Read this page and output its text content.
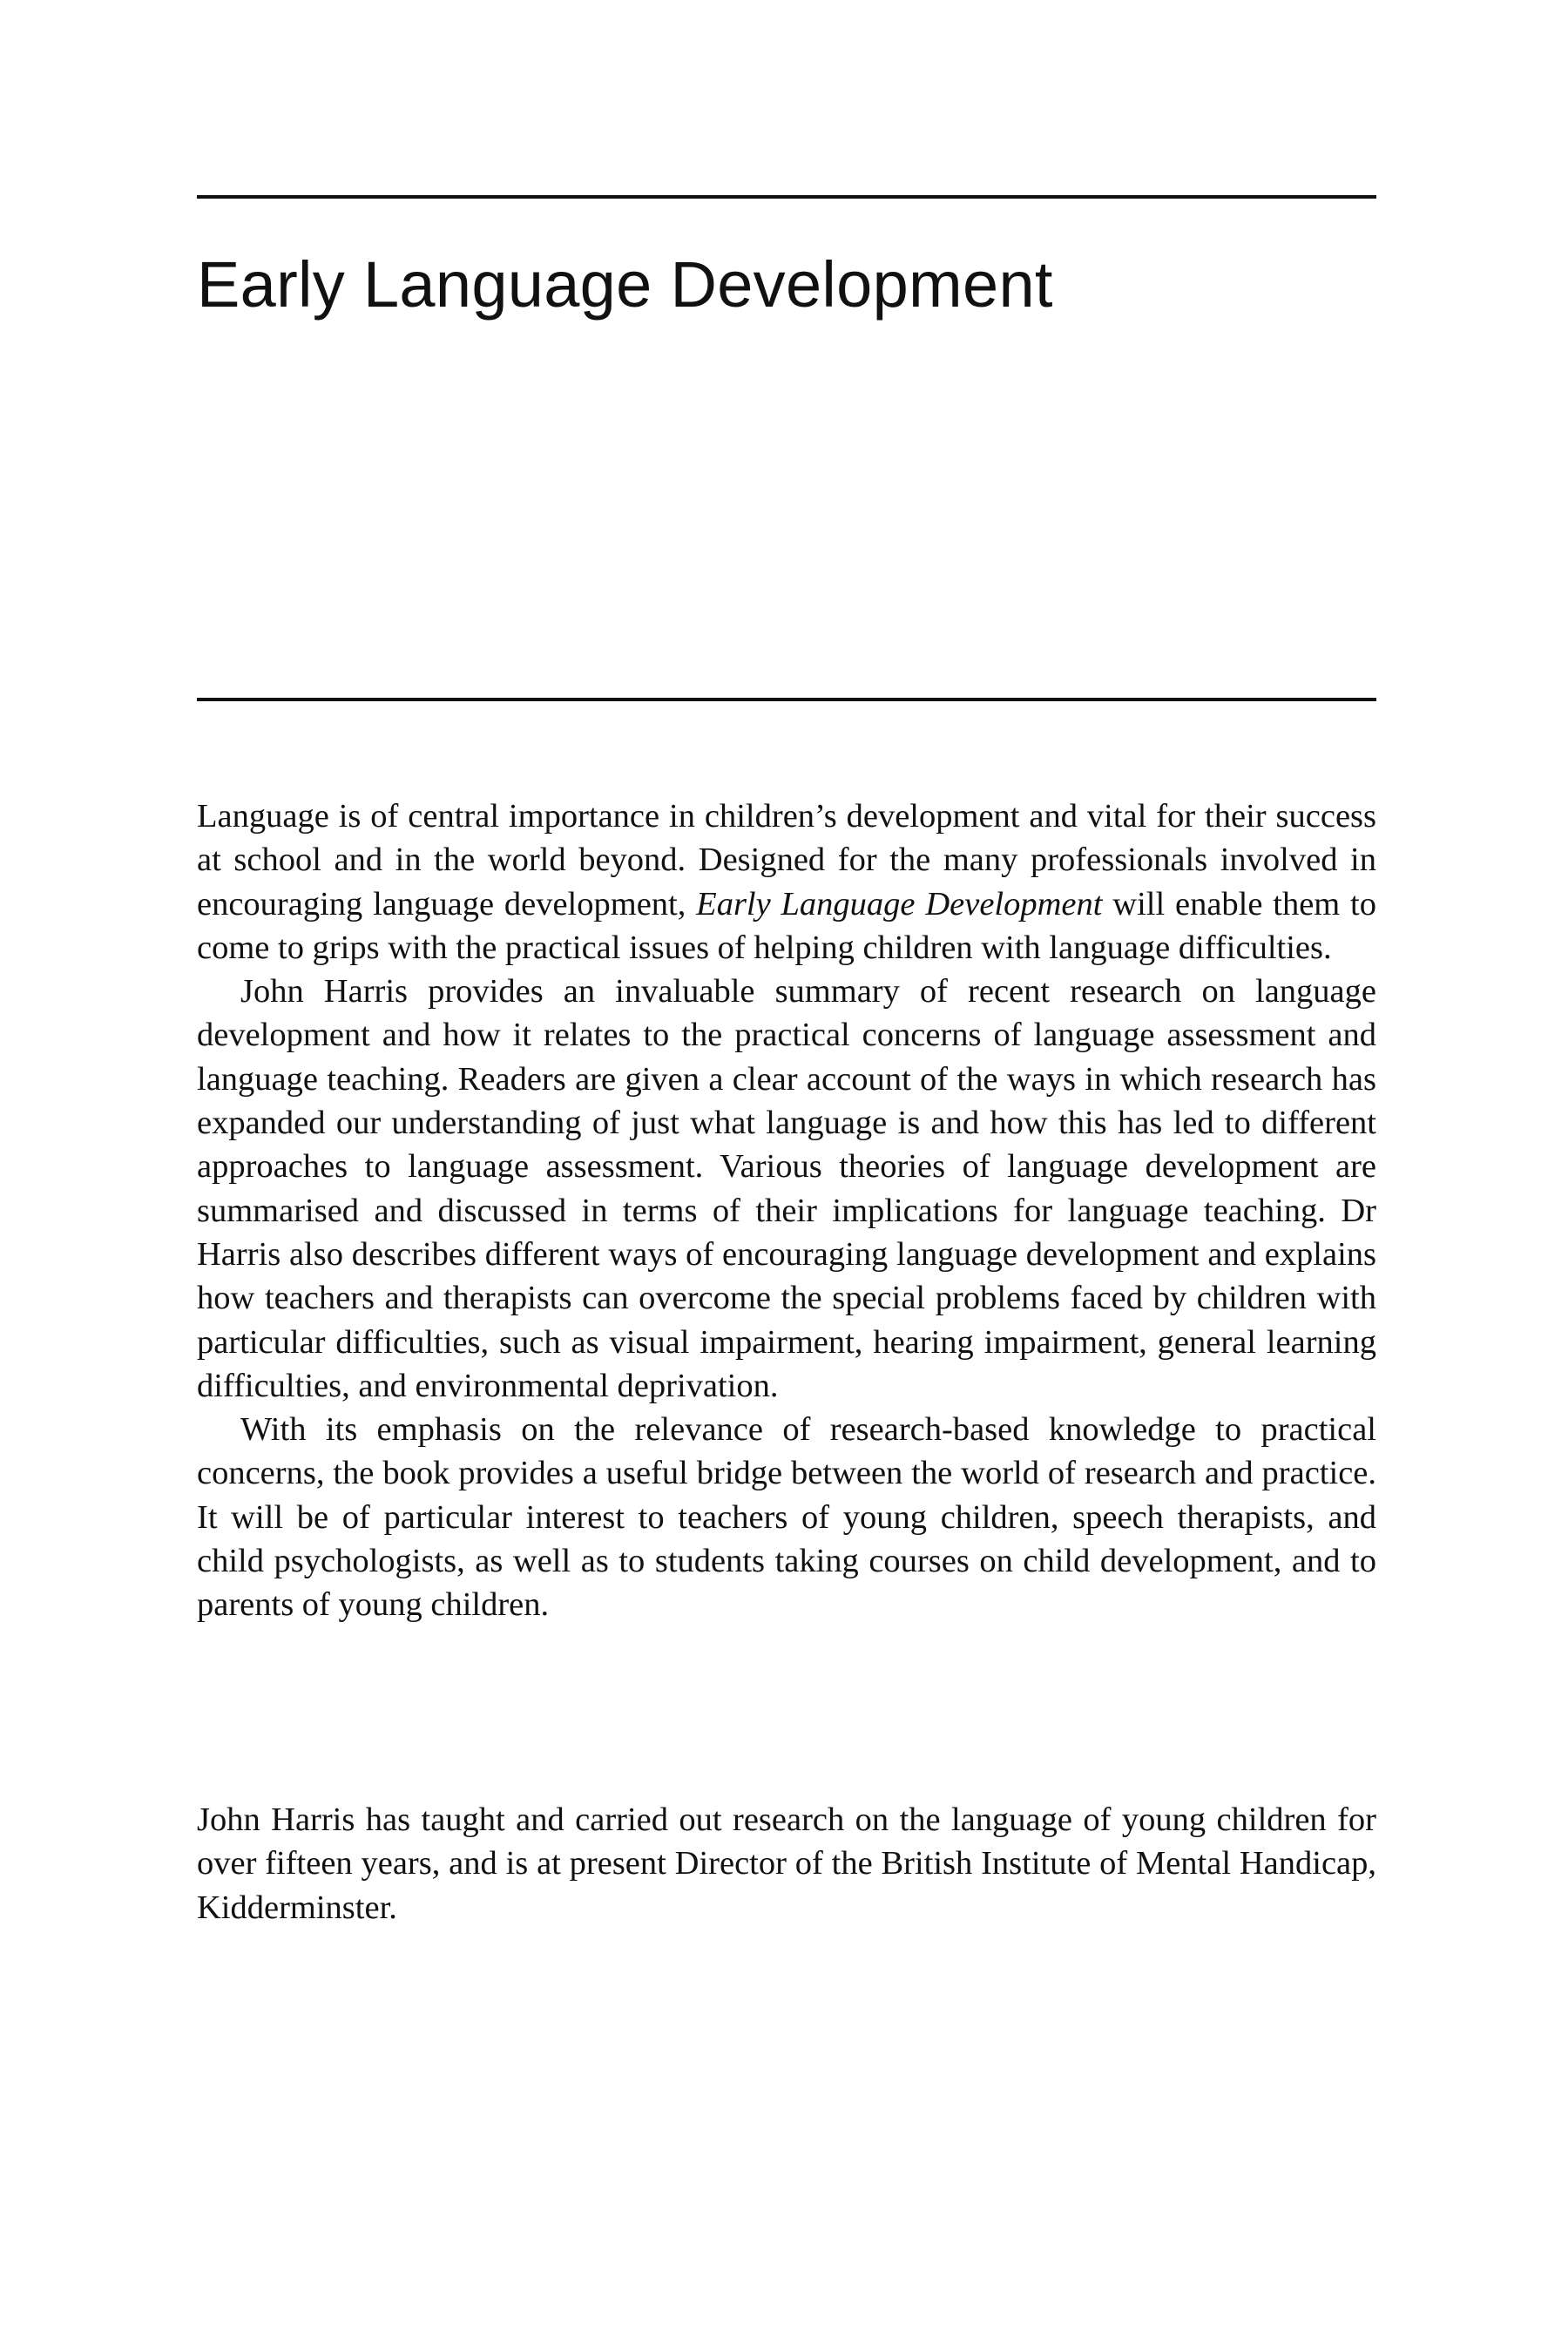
Early Language Development

Language is of central importance in children’s development and vital for their success at school and in the world beyond. Designed for the many professionals involved in encouraging language development, Early Language Development will enable them to come to grips with the practical issues of helping children with language difficulties.

John Harris provides an invaluable summary of recent research on language development and how it relates to the practical concerns of language assessment and language teaching. Readers are given a clear account of the ways in which research has expanded our understanding of just what language is and how this has led to different approaches to language assessment. Various theories of language development are summarised and discussed in terms of their implications for language teaching. Dr Harris also describes different ways of encouraging language development and explains how teachers and therapists can overcome the special problems faced by children with particular difficulties, such as visual impairment, hearing impairment, general learning difficulties, and environmental deprivation.

With its emphasis on the relevance of research-based knowledge to practical concerns, the book provides a useful bridge between the world of research and practice. It will be of particular interest to teachers of young children, speech therapists, and child psychologists, as well as to students taking courses on child development, and to parents of young children.

John Harris has taught and carried out research on the language of young children for over fifteen years, and is at present Director of the British Institute of Mental Handicap, Kidderminster.
